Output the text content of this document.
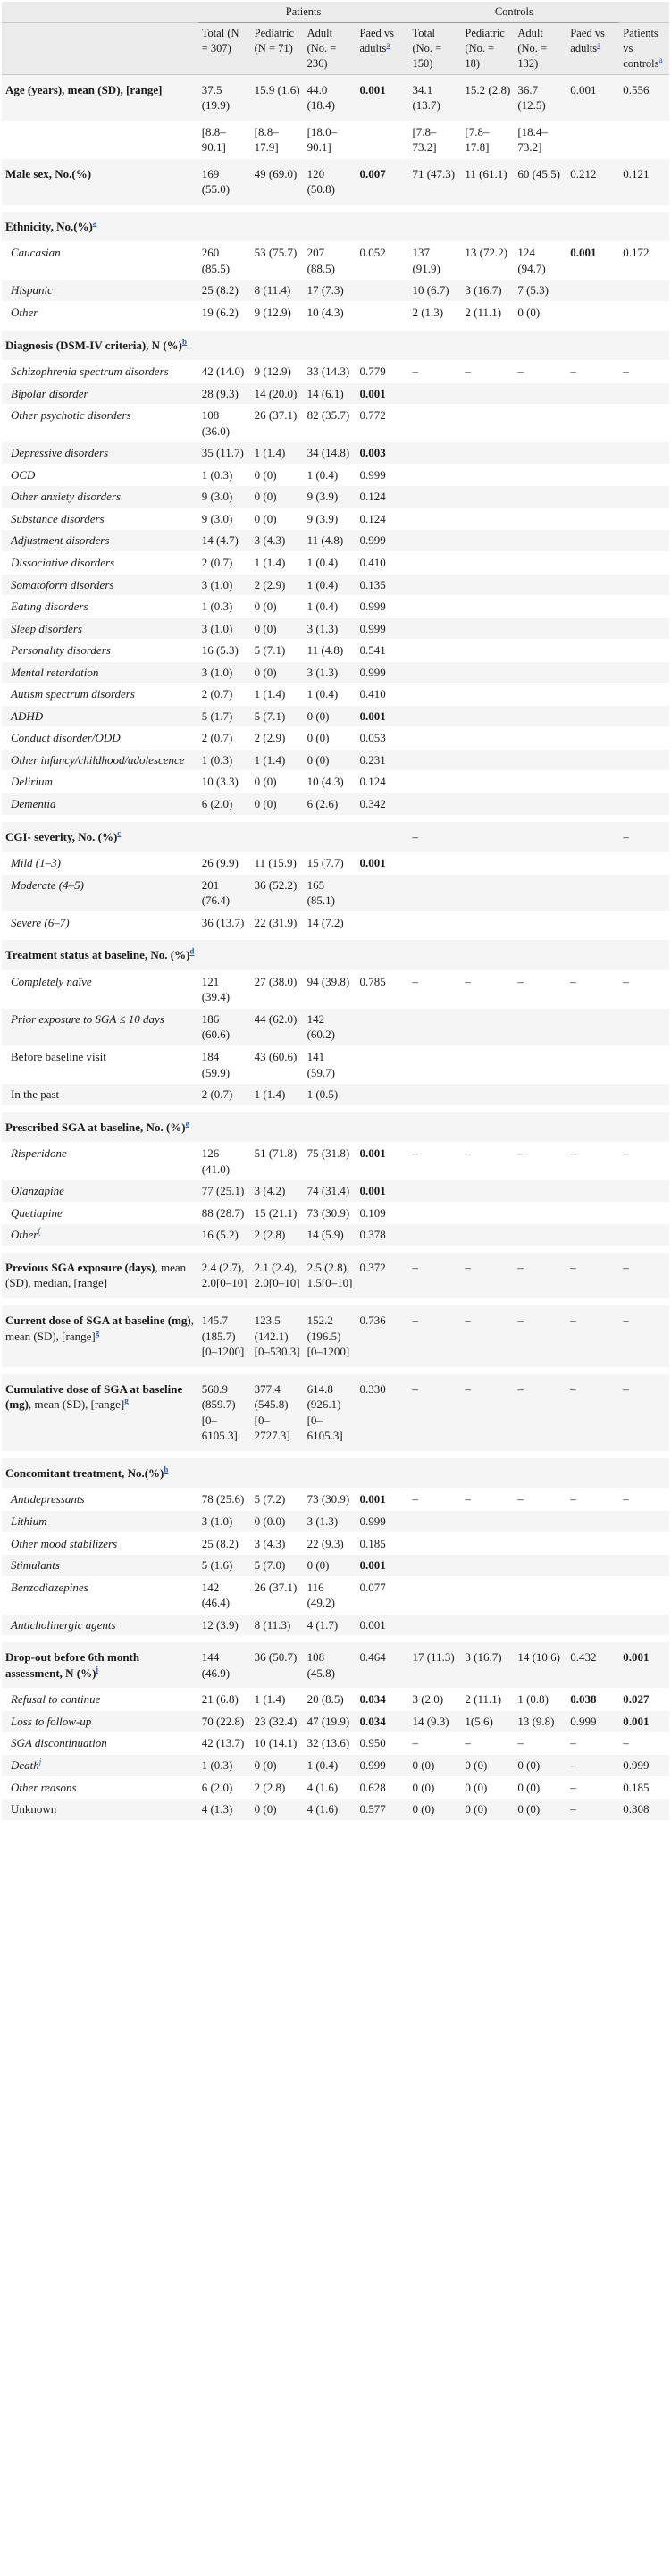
	Patients				Controls				
	Total (N = 307)	Pediatric (N = 71)	Adult (No. = 236)	Paed vs adults$^a$	Total (No. = 150)	Pediatric (No. = 18)	Adult (No. = 132)	Paed vs adults$^a$	Patients vs controls$^a$
Age (years), mean (SD), [range]	37.5 (19.9)	15.9 (1.6)	44.0 (18.4)	0.001	34.1 (13.7)	15.2 (2.8)	36.7 (12.5)	0.001	0.556
	[8.8–90.1]	[8.8–17.9]	[18.0–90.1]		[7.8–73.2]	[7.8–17.8]	[18.4–73.2]		
Male sex, No.(%)	169 (55.0)	49 (69.0)	120 (50.8)	0.007	71 (47.3)	11 (61.1)	60 (45.5)	0.212	0.121

Ethnicity, No.(%)$^a$									
Caucasian	260 (85.5)	53 (75.7)	207 (88.5)	0.052	137 (91.9)	13 (72.2)	124 (94.7)	0.001	0.172
Hispanic	25 (8.2)	8 (11.4)	17 (7.3)		10 (6.7)	3 (16.7)	7 (5.3)		
Other	19 (6.2)	9 (12.9)	10 (4.3)		2 (1.3)	2 (11.1)	0 (0)		

Diagnosis (DSM-IV criteria), N (%)$^b$									
Schizophrenia spectrum disorders	42 (14.0)	9 (12.9)	33 (14.3)	0.779	–	–	–	–	–
Bipolar disorder	28 (9.3)	14 (20.0)	14 (6.1)	0.001					
Other psychotic disorders	108 (36.0)	26 (37.1)	82 (35.7)	0.772					
Depressive disorders	35 (11.7)	1 (1.4)	34 (14.8)	0.003					
OCD	1 (0.3)	0 (0)	1 (0.4)	0.999					
Other anxiety disorders	9 (3.0)	0 (0)	9 (3.9)	0.124					
Substance disorders	9 (3.0)	0 (0)	9 (3.9)	0.124					
Adjustment disorders	14 (4.7)	3 (4.3)	11 (4.8)	0.999					
Dissociative disorders	2 (0.7)	1 (1.4)	1 (0.4)	0.410					
Somatoform disorders	3 (1.0)	2 (2.9)	1 (0.4)	0.135					
Eating disorders	1 (0.3)	0 (0)	1 (0.4)	0.999					
Sleep disorders	3 (1.0)	0 (0)	3 (1.3)	0.999					
Personality disorders	16 (5.3)	5 (7.1)	11 (4.8)	0.541					
Mental retardation	3 (1.0)	0 (0)	3 (1.3)	0.999					
Autism spectrum disorders	2 (0.7)	1 (1.4)	1 (0.4)	0.410					
ADHD	5 (1.7)	5 (7.1)	0 (0)	0.001					
Conduct disorder/ODD	2 (0.7)	2 (2.9)	0 (0)	0.053					
Other infancy/childhood/adolescence	1 (0.3)	1 (1.4)	0 (0)	0.231					
Delirium	10 (3.3)	0 (0)	10 (4.3)	0.124					
Dementia	6 (2.0)	0 (0)	6 (2.6)	0.342					

CGI- severity, No. (%)$^c$					–				–
Mild (1–3)	26 (9.9)	11 (15.9)	15 (7.7)	0.001					
Moderate (4–5)	201 (76.4)	36 (52.2)	165 (85.1)						
Severe (6–7)	36 (13.7)	22 (31.9)	14 (7.2)						

Treatment status at baseline, No. (%)$^d$									
Completely naïve	121 (39.4)	27 (38.0)	94 (39.8)	0.785	–	–	–	–	–
Prior exposure to SGA ≤ 10 days	186 (60.6)	44 (62.0)	142 (60.2)						
Before baseline visit	184 (59.9)	43 (60.6)	141 (59.7)						
In the past	2 (0.7)	1 (1.4)	1 (0.5)						

Prescribed SGA at baseline, No. (%)$^e$									
Risperidone	126 (41.0)	51 (71.8)	75 (31.8)	0.001	–	–	–	–	–
Olanzapine	77 (25.1)	3 (4.2)	74 (31.4)	0.001					
Quetiapine	88 (28.7)	15 (21.1)	73 (30.9)	0.109					
Other$^f$	16 (5.2)	2 (2.8)	14 (5.9)	0.378					

Previous SGA exposure (days), mean (SD), median, [range]	2.4 (2.7), 2.0[0–10]	2.1 (2.4), 2.0[0–10]	2.5 (2.8), 1.5[0–10]	0.372	–	–	–	–	–

Current dose of SGA at baseline (mg), mean (SD), [range]$^g$	145.7 (185.7) [0–1200]	123.5 (142.1) [0–530.3]	152.2 (196.5) [0–1200]	0.736	–	–	–	–	–

Cumulative dose of SGA at baseline (mg), mean (SD), [range]$^g$	560.9 (859.7) [0–6105.3]	377.4 (545.8) [0–2727.3]	614.8 (926.1) [0–6105.3]	0.330	–	–	–	–	–

Concomitant treatment, No.(%)$^h$									
Antidepressants	78 (25.6)	5 (7.2)	73 (30.9)	0.001	–	–	–	–	–
Lithium	3 (1.0)	0 (0.0)	3 (1.3)	0.999					
Other mood stabilizers	25 (8.2)	3 (4.3)	22 (9.3)	0.185					
Stimulants	5 (1.6)	5 (7.0)	0 (0)	0.001					
Benzodiazepines	142 (46.4)	26 (37.1)	116 (49.2)	0.077					
Anticholinergic agents	12 (3.9)	8 (11.3)	4 (1.7)	0.001					

Drop-out before 6th month assessment, N (%)$^i$	144 (46.9)	36 (50.7)	108 (45.8)	0.464	17 (11.3)	3 (16.7)	14 (10.6)	0.432	0.001
Refusal to continue	21 (6.8)	1 (1.4)	20 (8.5)	0.034	3 (2.0)	2 (11.1)	1 (0.8)	0.038	0.027
Loss to follow-up	70 (22.8)	23 (32.4)	47 (19.9)	0.034	14 (9.3)	1(5.6)	13 (9.8)	0.999	0.001
SGA discontinuation	42 (13.7)	10 (14.1)	32 (13.6)	0.950	–	–	–	–	–
Death$^j$	1 (0.3)	0 (0)	1 (0.4)	0.999	0 (0)	0 (0)	0 (0)	–	0.999
Other reasons	6 (2.0)	2 (2.8)	4 (1.6)	0.628	0 (0)	0 (0)	0 (0)	–	0.185
Unknown	4 (1.3)	0 (0)	4 (1.6)	0.577	0 (0)	0 (0)	0 (0)	–	0.308
